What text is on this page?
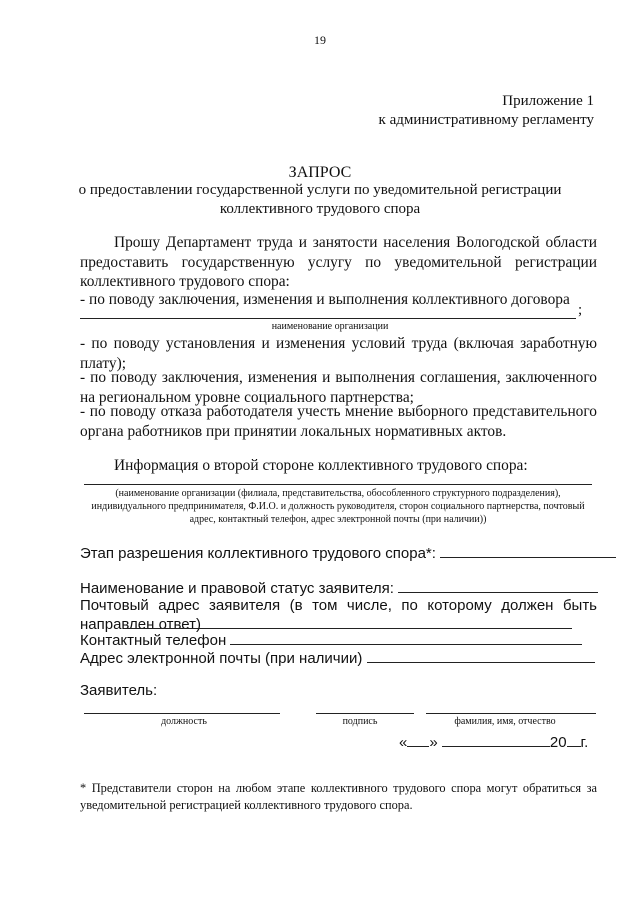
19
Приложение 1
к административному регламенту
ЗАПРОС
о предоставлении государственной услуги по уведомительной регистрации коллективного трудового спора
Прошу Департамент труда и занятости населения Вологодской области предоставить государственную услугу по уведомительной регистрации коллективного трудового спора:
- по поводу заключения, изменения и выполнения коллективного договора
;
наименование организации
- по поводу установления и изменения условий труда (включая заработную плату);
- по поводу заключения, изменения и выполнения соглашения, заключенного на региональном уровне социального партнерства;
- по поводу отказа работодателя учесть мнение выборного представительного органа работников при принятии локальных нормативных актов.
Информация о второй стороне коллективного трудового спора:
(наименование организации (филиала, представительства, обособленного структурного подразделения), индивидуального предпринимателя, Ф.И.О. и должность руководителя, сторон социального партнерства, почтовый адрес, контактный телефон, адрес электронной почты (при наличии))
Этап разрешения коллективного трудового спора*:
Наименование и правовой статус заявителя:
Почтовый адрес заявителя (в том числе, по которому должен быть направлен ответ)
Контактный телефон
Адрес электронной почты (при наличии)
Заявитель:
должность	подпись	фамилия, имя, отчество
« »	20 г.
* Представители сторон на любом этапе коллективного трудового спора могут обратиться за уведомительной регистрацией коллективного трудового спора.
